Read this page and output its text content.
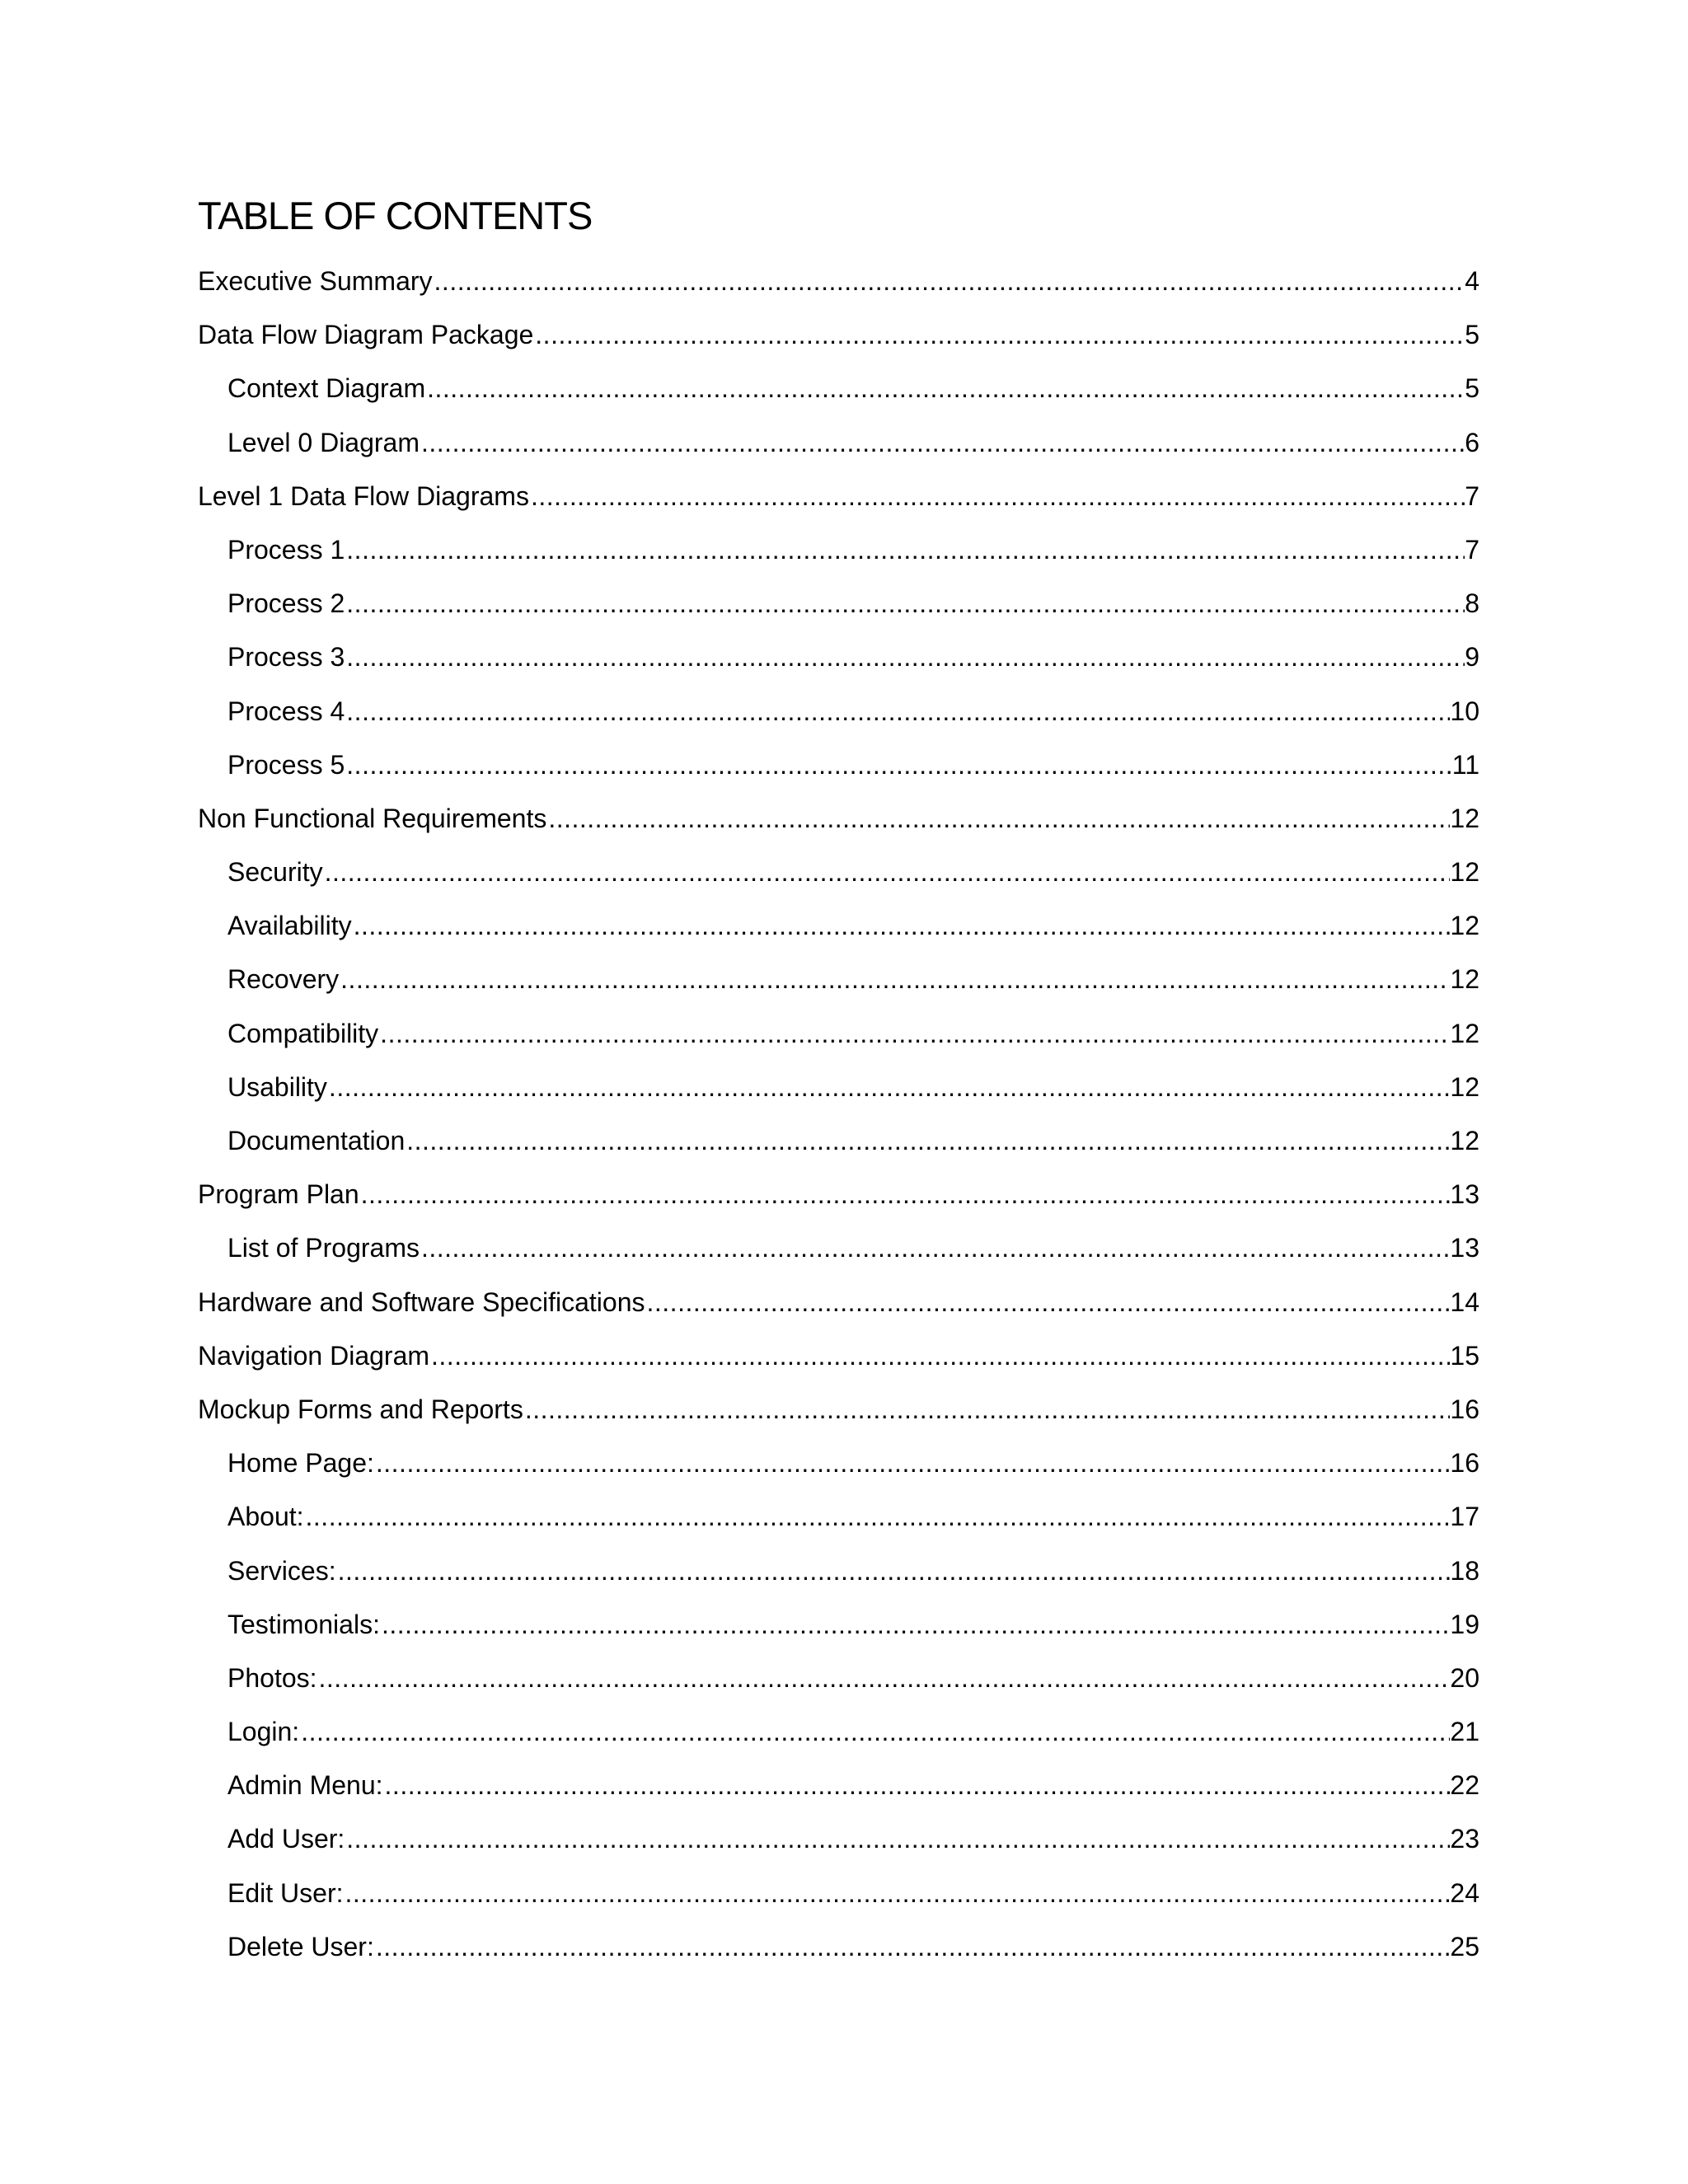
TABLE OF CONTENTS
Executive Summary .....	4
Data Flow Diagram Package .....	5
Context Diagram .....	5
Level 0 Diagram .....	6
Level 1 Data Flow Diagrams .....	7
Process 1 .....	7
Process 2 .....	8
Process 3 .....	9
Process 4 .....	10
Process 5 .....	11
Non Functional Requirements .....	12
Security .....	12
Availability .....	12
Recovery .....	12
Compatibility .....	12
Usability .....	12
Documentation .....	12
Program Plan .....	13
List of Programs .....	13
Hardware and Software Specifications .....	14
Navigation Diagram .....	15
Mockup Forms and Reports .....	16
Home Page: .....	16
About: .....	17
Services: .....	18
Testimonials: .....	19
Photos: .....	20
Login: .....	21
Admin Menu: .....	22
Add User: .....	23
Edit User: .....	24
Delete User: .....	25
